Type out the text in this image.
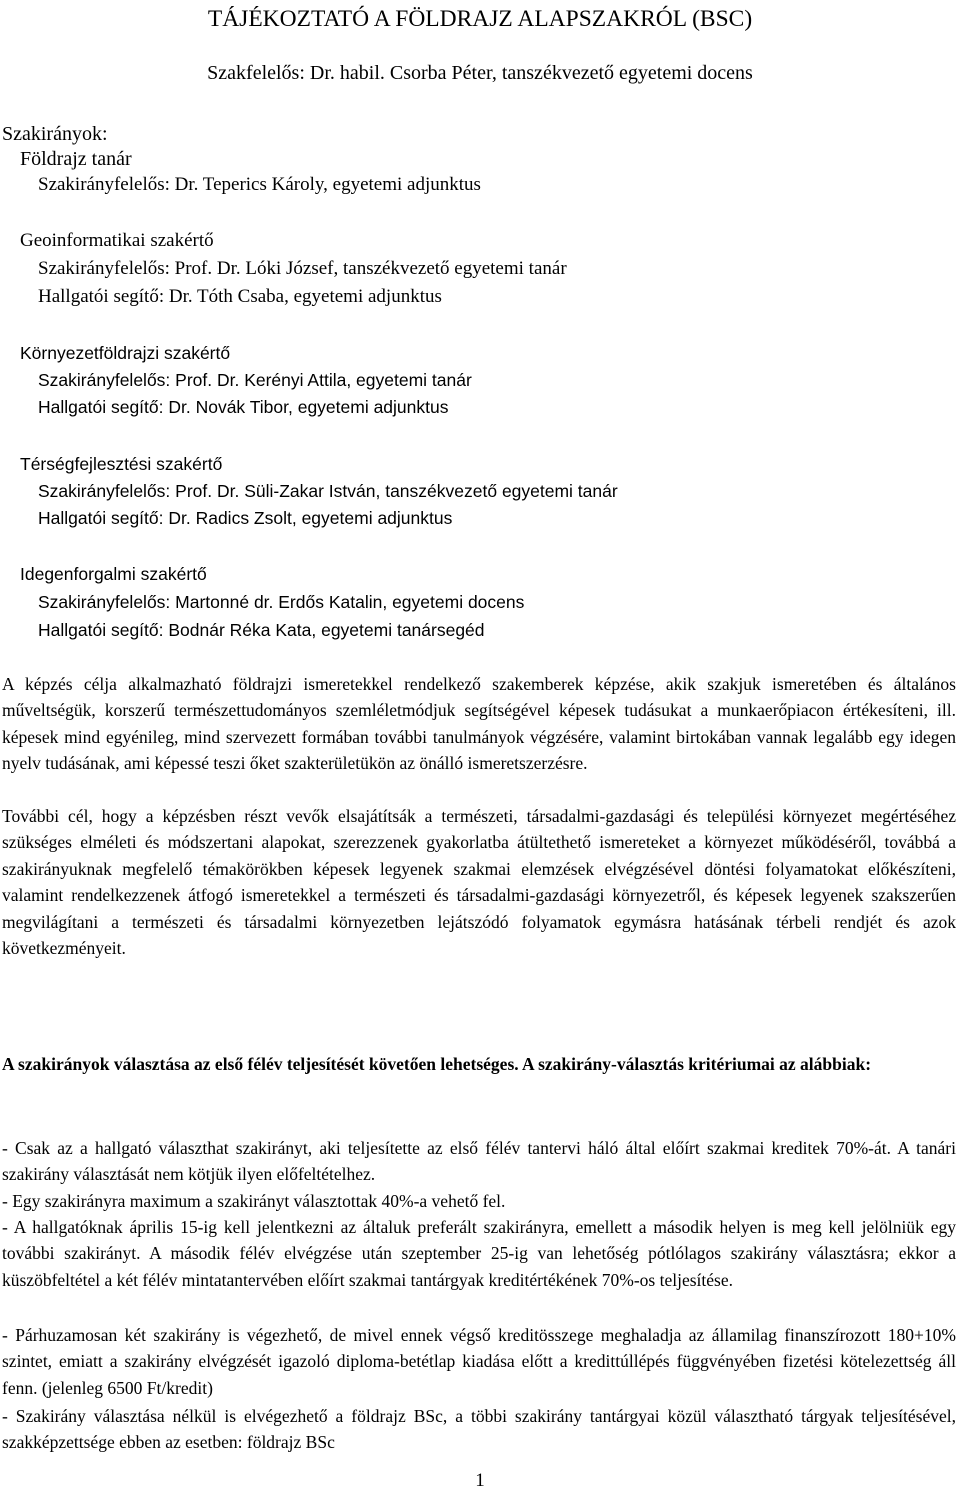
TÁJÉKOZTATÓ A FÖLDRAJZ ALAPSZAKRÓL (BSC)
Szakfelelős: Dr. habil. Csorba Péter, tanszékvezető egyetemi docens
Szakirányok:
Földrajz tanár
Szakirányfelelős: Dr. Teperics Károly, egyetemi adjunktus
Geoinformatikai szakértő
Szakirányfelelős: Prof. Dr. Lóki József, tanszékvezető egyetemi tanár
Hallgatói segítő: Dr. Tóth Csaba, egyetemi adjunktus
Környezetföldrajzi szakértő
Szakirányfelelős: Prof. Dr. Kerényi Attila, egyetemi tanár
Hallgatói segítő: Dr. Novák Tibor, egyetemi adjunktus
Térségfejlesztési szakértő
Szakirányfelelős: Prof. Dr. Süli-Zakar István, tanszékvezető egyetemi tanár
Hallgatói segítő: Dr. Radics Zsolt, egyetemi adjunktus
Idegenforgalmi szakértő
Szakirányfelelős: Martonné dr. Erdős Katalin, egyetemi docens
Hallgatói segítő: Bodnár Réka Kata, egyetemi tanársegéd

A képzés célja alkalmazható földrajzi ismeretekkel rendelkező szakemberek képzése, akik szakjuk ismeretében és általános műveltségük, korszerű természettudományos szemléletmódjuk segítségével képesek tudásukat a munkaerőpiacon értékesíteni, ill. képesek mind egyénileg, mind szervezett formában további tanulmányok végzésére, valamint birtokában vannak legalább egy idegen nyelv tudásának, ami képessé teszi őket szakterületükön az önálló ismeretszerzésre.

További cél, hogy a képzésben részt vevők elsajátítsák a természeti, társadalmi-gazdasági és települési környezet megértéséhez szükséges elméleti és módszertani alapokat, szerezzenek gyakorlatba átültethető ismereteket a környezet működéséről, továbbá a szakirányuknak megfelelő témakörökben képesek legyenek szakmai elemzések elvégzésével döntési folyamatokat előkészíteni, valamint rendelkezzenek átfogó ismeretekkel a természeti és társadalmi-gazdasági környezetről, és képesek legyenek szakszerűen megvilágítani a természeti és társadalmi környezetben lejátszódó folyamatok egymásra hatásának térbeli rendjét és azok következményeit.

A szakirányok választása az első félév teljesítését követően lehetséges. A szakirány-választás kritériumai az alábbiak:

- Csak az a hallgató választhat szakirányt, aki teljesítette az első félév tantervi háló által előírt szakmai kreditek 70%-át. A tanári szakirány választását nem kötjük ilyen előfeltételhez.

- Egy szakirányra maximum a szakirányt választottak 40%-a vehető fel.

- A hallgatóknak április 15-ig kell jelentkezni az általuk preferált szakirányra, emellett a második helyen is meg kell jelölniük egy további szakirányt. A második félév elvégzése után szeptember 25-ig van lehetőség pótlólagos szakirány választásra; ekkor a küszöbfeltétel a két félév mintatantervében előírt szakmai tantárgyak kreditértékének 70%-os teljesítése.

- Párhuzamosan két szakirány is végezhető, de mivel ennek végső kreditösszege meghaladja az államilag finanszírozott 180+10% szintet, emiatt a szakirány elvégzését igazoló diploma-betétlap kiadása előtt a kredittúllépés függvényében fizetési kötelezettség áll fenn. (jelenleg 6500 Ft/kredit)

- Szakirány választása nélkül is elvégezhető a földrajz BSc, a többi szakirány tantárgyai közül választható tárgyak teljesítésével, szakképzettsége ebben az esetben: földrajz BSc

1
